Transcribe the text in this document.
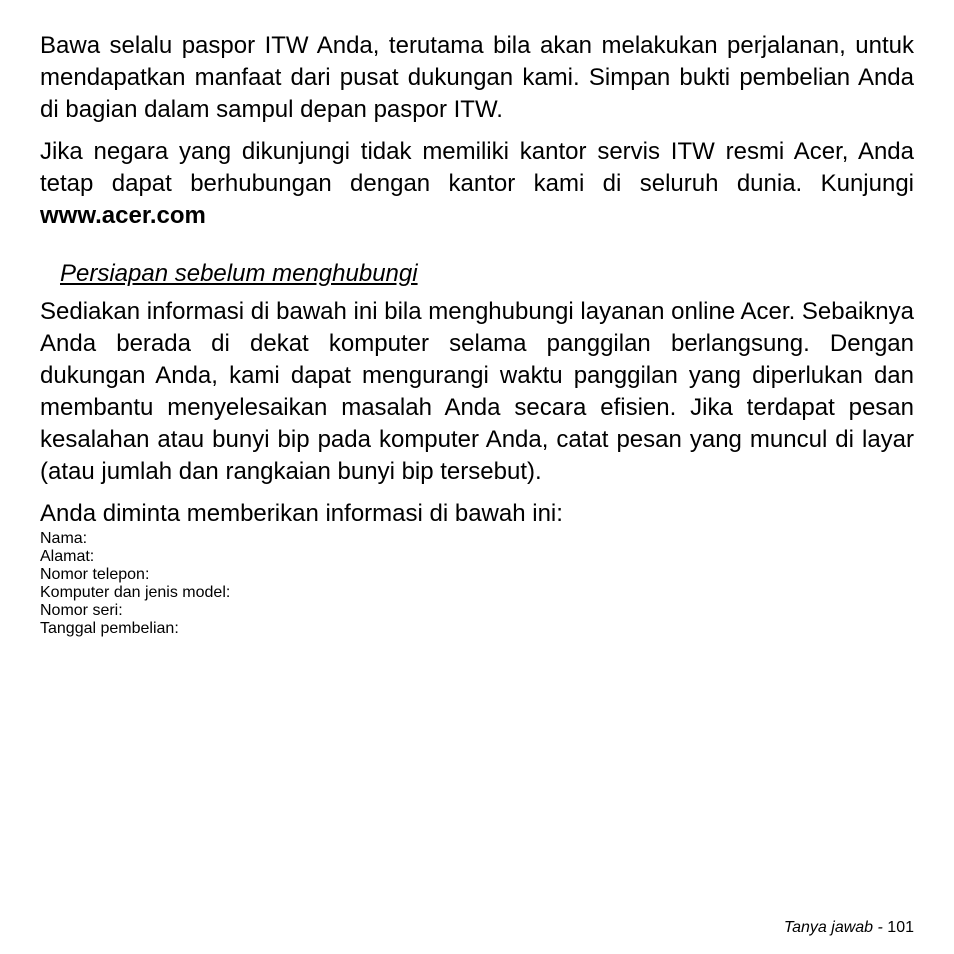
Bawa selalu paspor ITW Anda, terutama bila akan melakukan perjalanan, untuk mendapatkan manfaat dari pusat dukungan kami. Simpan bukti pembelian Anda di bagian dalam sampul depan paspor ITW.

Jika negara yang dikunjungi tidak memiliki kantor servis ITW resmi Acer, Anda tetap dapat berhubungan dengan kantor kami di seluruh dunia. Kunjungi www.acer.com

Persiapan sebelum menghubungi

Sediakan informasi di bawah ini bila menghubungi layanan online Acer. Sebaiknya Anda berada di dekat komputer selama panggilan berlangsung. Dengan dukungan Anda, kami dapat mengurangi waktu panggilan yang diperlukan dan membantu menyelesaikan masalah Anda secara efisien. Jika terdapat pesan kesalahan atau bunyi bip pada komputer Anda, catat pesan yang muncul di layar (atau jumlah dan rangkaian bunyi bip tersebut).

Anda diminta memberikan informasi di bawah ini:

Nama:
Alamat:
Nomor telepon:
Komputer dan jenis model:
Nomor seri:
Tanggal pembelian:
Tanya jawab - 101
